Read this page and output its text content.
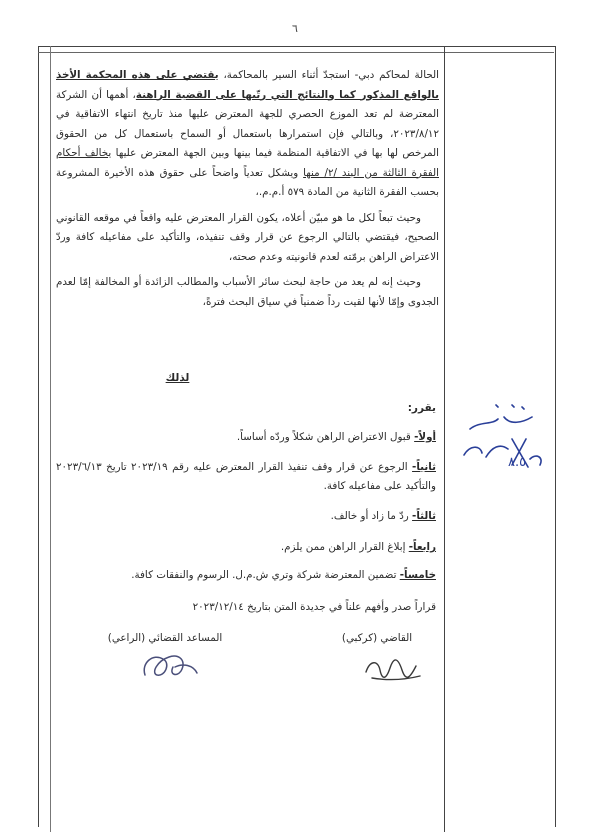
٦

الحالة لمحاكم دبي- استجدّ أثناء السير بالمحاكمة، يقتضي على هذه المحكمة الأخذ بالواقع المذكور كما والنتائج التي رتّبها على القضية الراهنة، أهمها أن الشركة المعترضة لم تعد الموزع الحصري للجهة المعترض عليها منذ تاريخ انتهاء الاتفاقية في ٢٠٢٣/٨/١٢، وبالتالي فإن استمرارها باستعمال أو السماح باستعمال كل من الحقوق المرخص لها بها في الاتفاقية المنظمة فيما بينها وبين الجهة المعترض عليها يخالف أحكام الفقرة الثالثة من البند /٢/ منها ويشكل تعدياً واضحاً على حقوق هذه الأخيرة المشروعة بحسب الفقرة الثانية من المادة ٥٧٩ أ.م.م.،

وحيث تبعاً لكل ما هو مبيّن أعلاه، يكون القرار المعترض عليه واقعاً في موقعه القانوني الصحيح، فيقتضي بالتالي الرجوع عن قرار وقف تنفيذه، والتأكيد على مفاعيله كافة وردّ الاعتراض الراهن برمّته لعدم قانونيته وعدم صحته،

وحيث إنه لم يعد من حاجة لبحث سائر الأسباب والمطالب الزائدة أو المخالفة إمّا لعدم الجدوى وإمّا لأنها لقيت رداً ضمنياً في سياق البحث فترةً،

لذلك
يقرر:
أولاً- قبول الاعتراض الراهن شكلاً وردّه أساساً.
ثانياً- الرجوع عن قرار وقف تنفيذ القرار المعترض عليه رقم ٢٠٢٣/١٩ تاريخ ٢٠٢٣/٦/١٣ والتأكيد على مفاعيله كافة.
ثالثاً- ردّ ما زاد أو خالف.
رابعاً- إبلاغ القرار الراهن ممن يلزم.
خامساً- تضمين المعترضة شركة وتري ش.م.ل. الرسوم والنفقات كافة.
قراراً صدر وأفهم علناً في جديدة المتن بتاريخ ٢٠٢٣/١٢/١٤
القاضي (كركبي)
المساعد القضائي (الراعي)
٨.٥
